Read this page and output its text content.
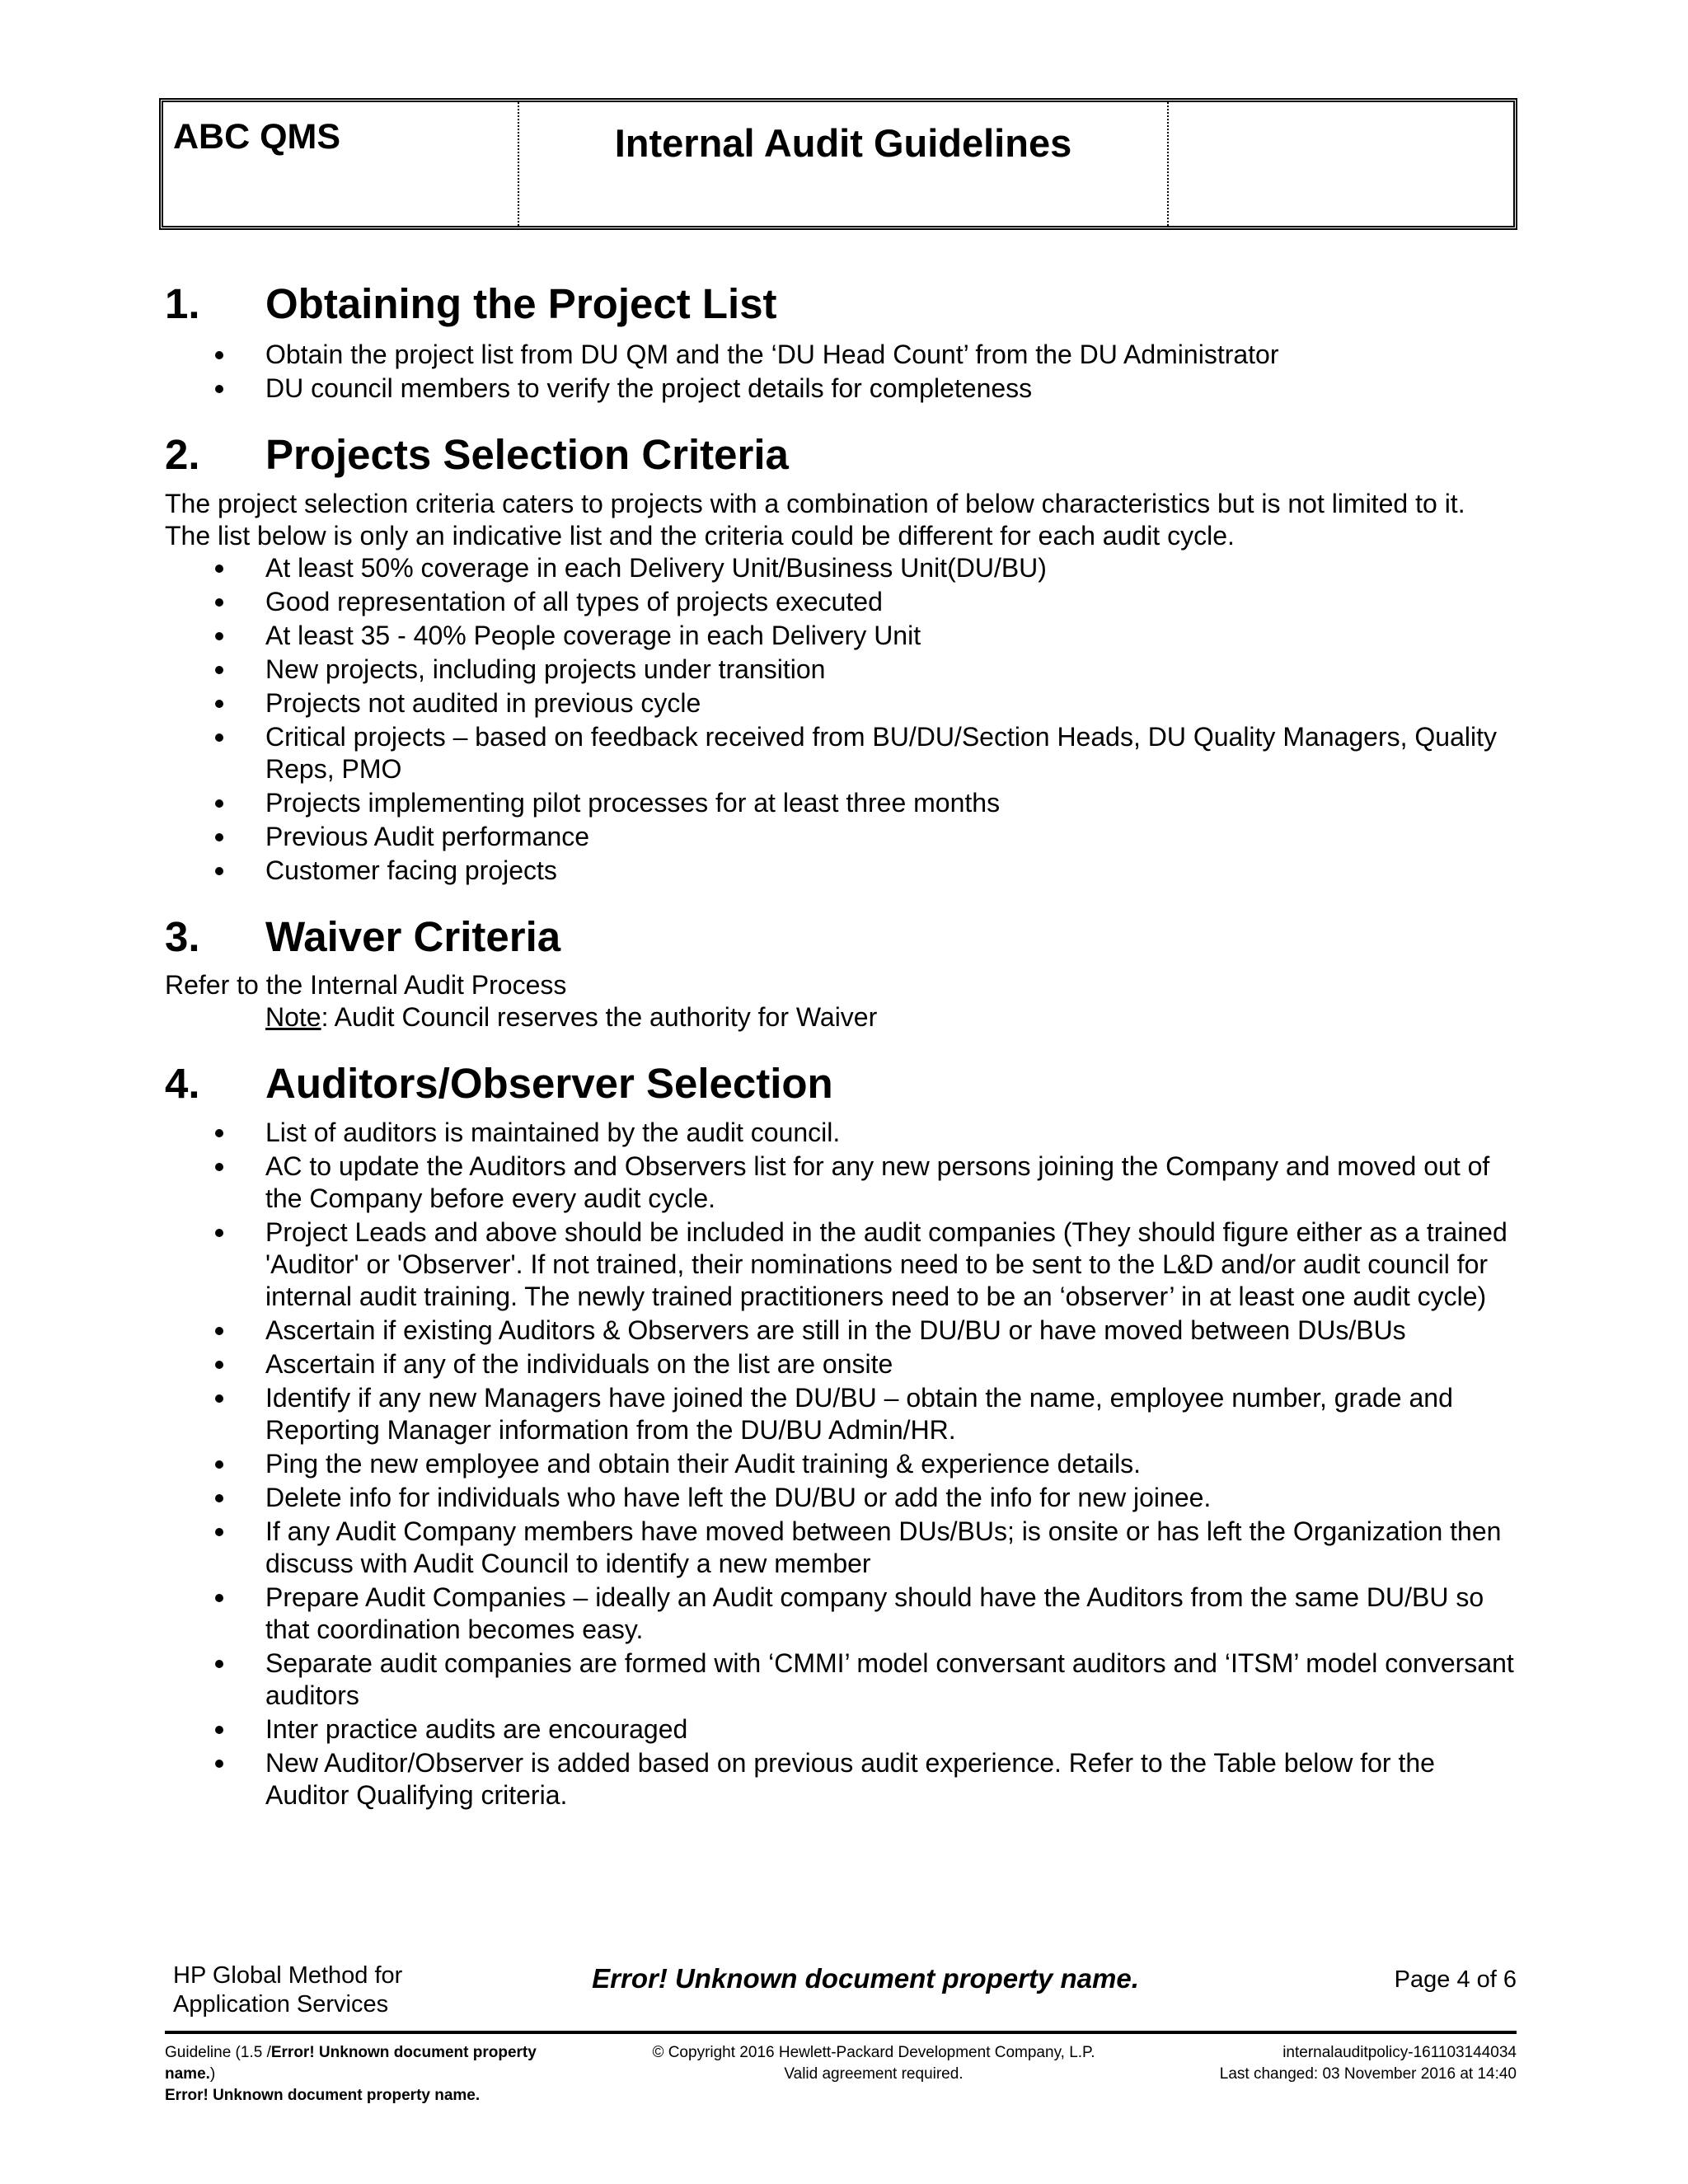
ABC QMS	Internal Audit Guidelines
1.	Obtaining the Project List
Obtain the project list from DU QM and the ‘DU Head Count’ from the DU Administrator
DU council members to verify the project details for completeness
2.	Projects Selection Criteria
The project selection criteria caters to projects with a combination of below characteristics but is not limited to it. The list below is only an indicative list and the criteria could be different for each audit cycle.
At least 50% coverage in each Delivery Unit/Business Unit(DU/BU)
Good representation of all types of projects executed
At least 35 - 40% People coverage in each Delivery Unit
New projects, including projects under transition
Projects not audited in previous cycle
Critical projects – based on feedback received from BU/DU/Section Heads, DU Quality Managers, Quality Reps, PMO
Projects implementing pilot processes for at least three months
Previous Audit performance
Customer facing projects
3.	Waiver Criteria
Refer to the Internal Audit Process
Note: Audit Council reserves the authority for Waiver
4.	Auditors/Observer Selection
List of auditors is maintained by the audit council.
AC to update the Auditors and Observers list for any new persons joining the Company and moved out of the Company before every audit cycle.
Project Leads and above should be included in the audit companies (They should figure either as a trained 'Auditor' or 'Observer'. If not trained, their nominations need to be sent to the L&D and/or audit council for internal audit training. The newly trained practitioners need to be an ‘observer’ in at least one audit cycle)
Ascertain if existing Auditors & Observers are still in the DU/BU or have moved between DUs/BUs
Ascertain if any of the individuals on the list are onsite
Identify if any new Managers have joined the DU/BU – obtain the name, employee number, grade and Reporting Manager information from the DU/BU Admin/HR.
Ping the new employee and obtain their Audit training & experience details.
Delete info for individuals who have left the DU/BU or add the info for new joinee.
If any Audit Company members have moved between DUs/BUs; is onsite or has left the Organization then discuss with Audit Council to identify a new member
Prepare Audit Companies – ideally an Audit company should have the Auditors from the same DU/BU so that coordination becomes easy.
Separate audit companies are formed with ‘CMMI’ model conversant auditors and ‘ITSM’ model conversant auditors
Inter practice audits are encouraged
New Auditor/Observer is added based on previous audit experience. Refer to the Table below for the Auditor Qualifying criteria.
HP Global Method for
Application Services
Error! Unknown document property name.	Page 4 of 6
Guideline (1.5 /Error! Unknown document property name.)
Error! Unknown document property name.
© Copyright 2016 Hewlett-Packard Development Company, L.P.
Valid agreement required.
internalauditpolicy-161103144034
Last changed: 03 November 2016 at 14:40
